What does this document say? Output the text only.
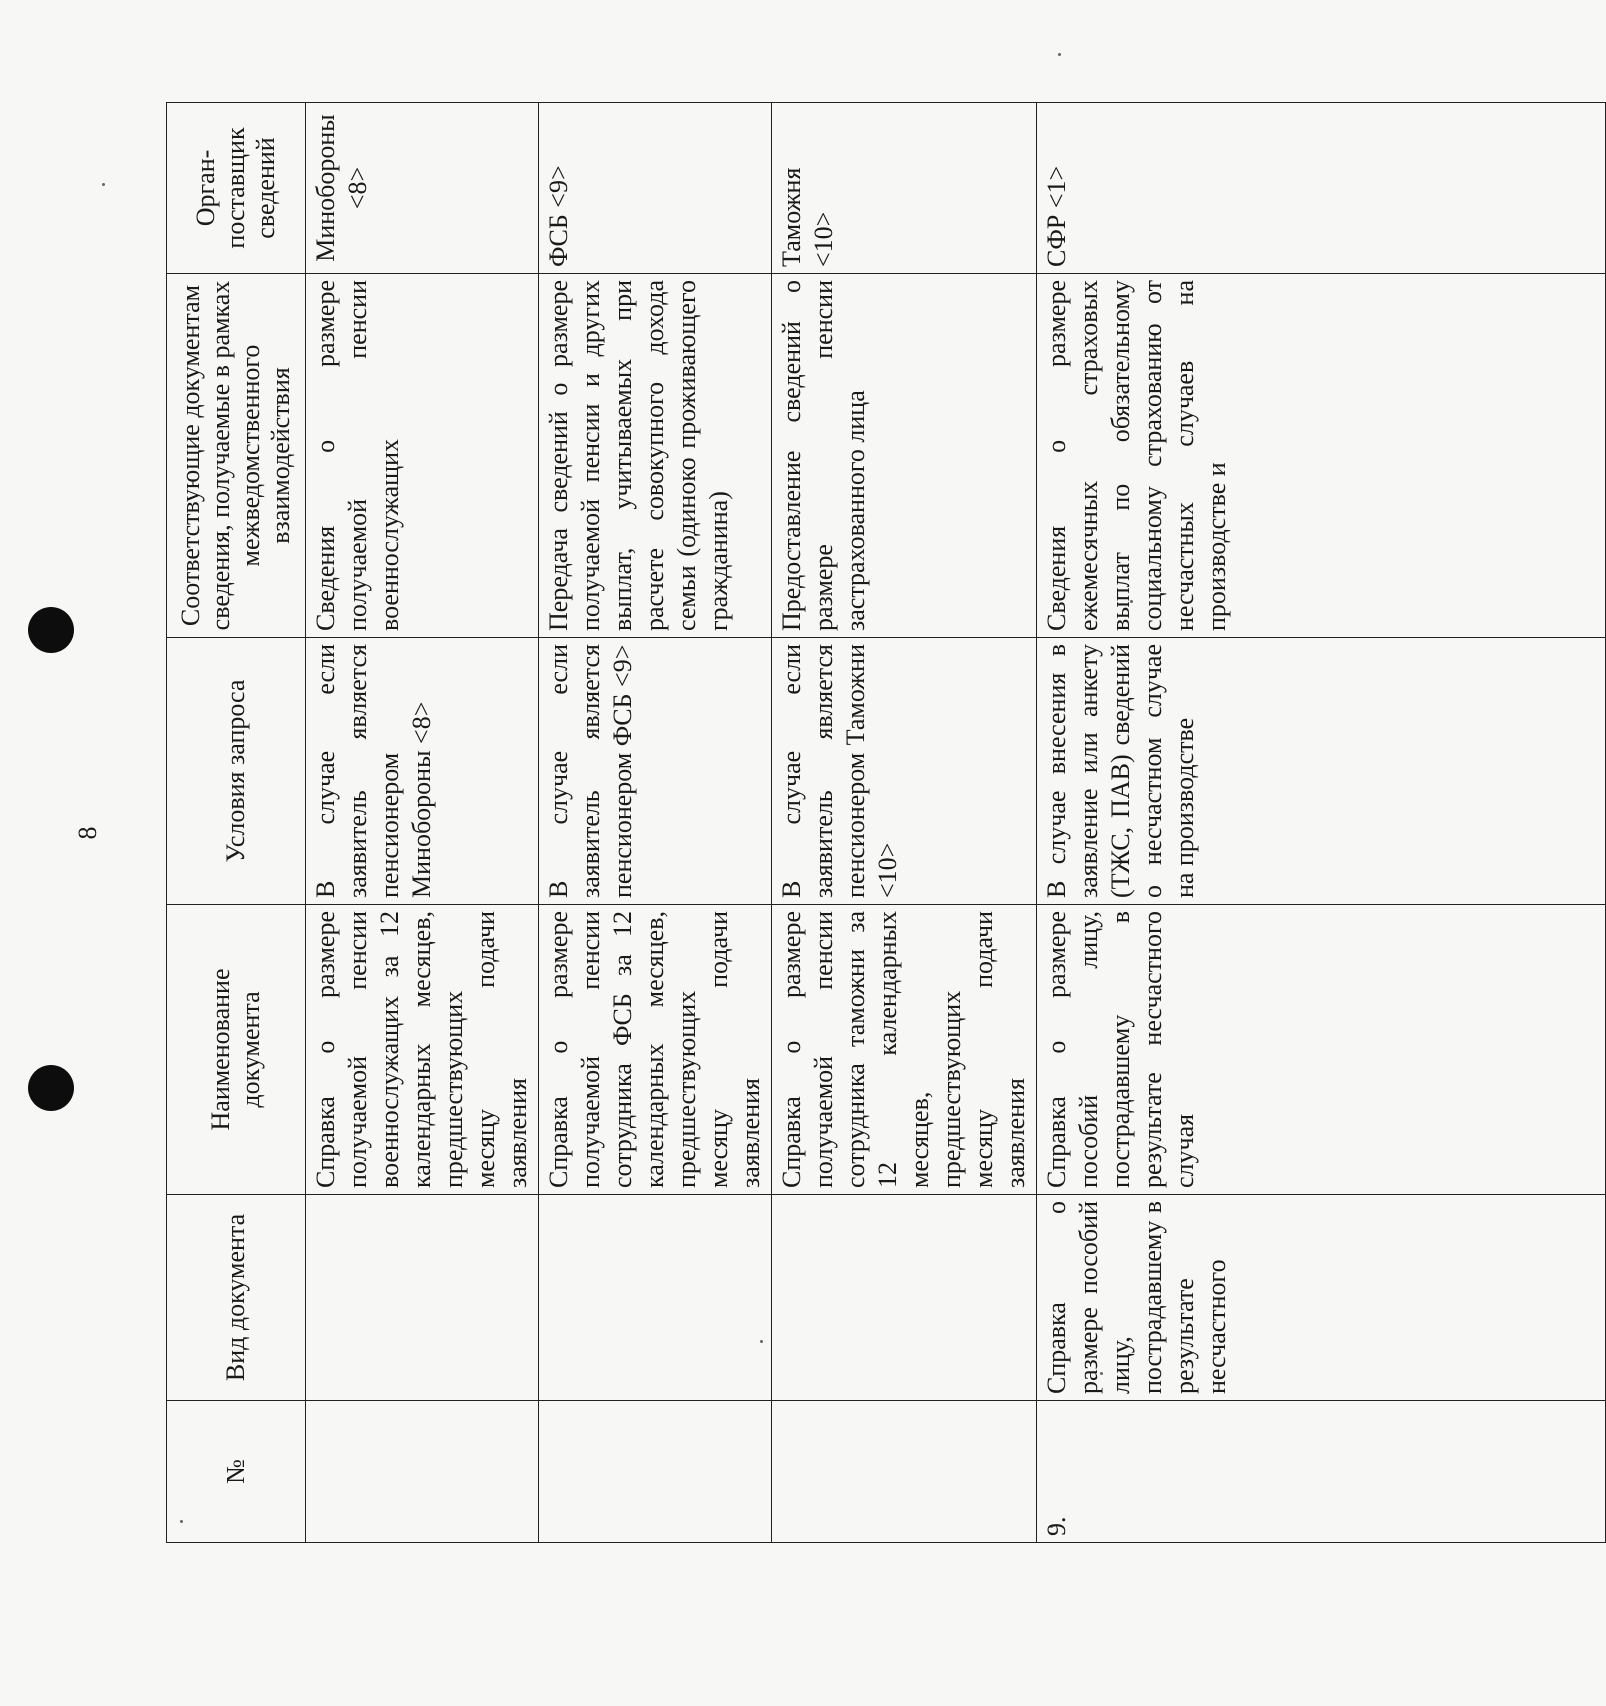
8
№	Вид документа	Наименование документа	Условия запроса	Соответствующие документам сведения, получаемые в рамках межведомственного взаимодействия	Орган-поставщик сведений
		Справка о размере получаемой пенсии военнослужащих за 12 календарных месяцев, предшествующих месяцу подачи заявления	В случае если заявитель является пенсионером Минобороны <8>	Сведения о размере получаемой пенсии военнослужащих	Минобороны <8>
		Справка о размере получаемой пенсии сотрудника ФСБ за 12 календарных месяцев, предшествующих месяцу подачи заявления	В случае если заявитель является пенсионером ФСБ <9>	Передача сведений о размере получаемой пенсии и других выплат, учитываемых при расчете совокупного дохода семьи (одиноко проживающего гражданина)	ФСБ <9>
		Справка о размере получаемой пенсии сотрудника таможни за 12 календарных месяцев, предшествующих месяцу подачи заявления	В случае если заявитель является пенсионером Таможни <10>	Предоставление сведений о размере пенсии застрахованного лица	Таможня <10>
9.	Справка о размере пособий лицу, пострадавшему в результате несчастного	Справка о размере пособий лицу, пострадавшему в результате несчастного случая	В случае внесения в заявление или анкету (ТЖС, ПАВ) сведений о несчастном случае на производстве	Сведения о размере ежемесячных страховых выплат по обязательному социальному страхованию от несчастных случаев на производстве и	СФР <1>
